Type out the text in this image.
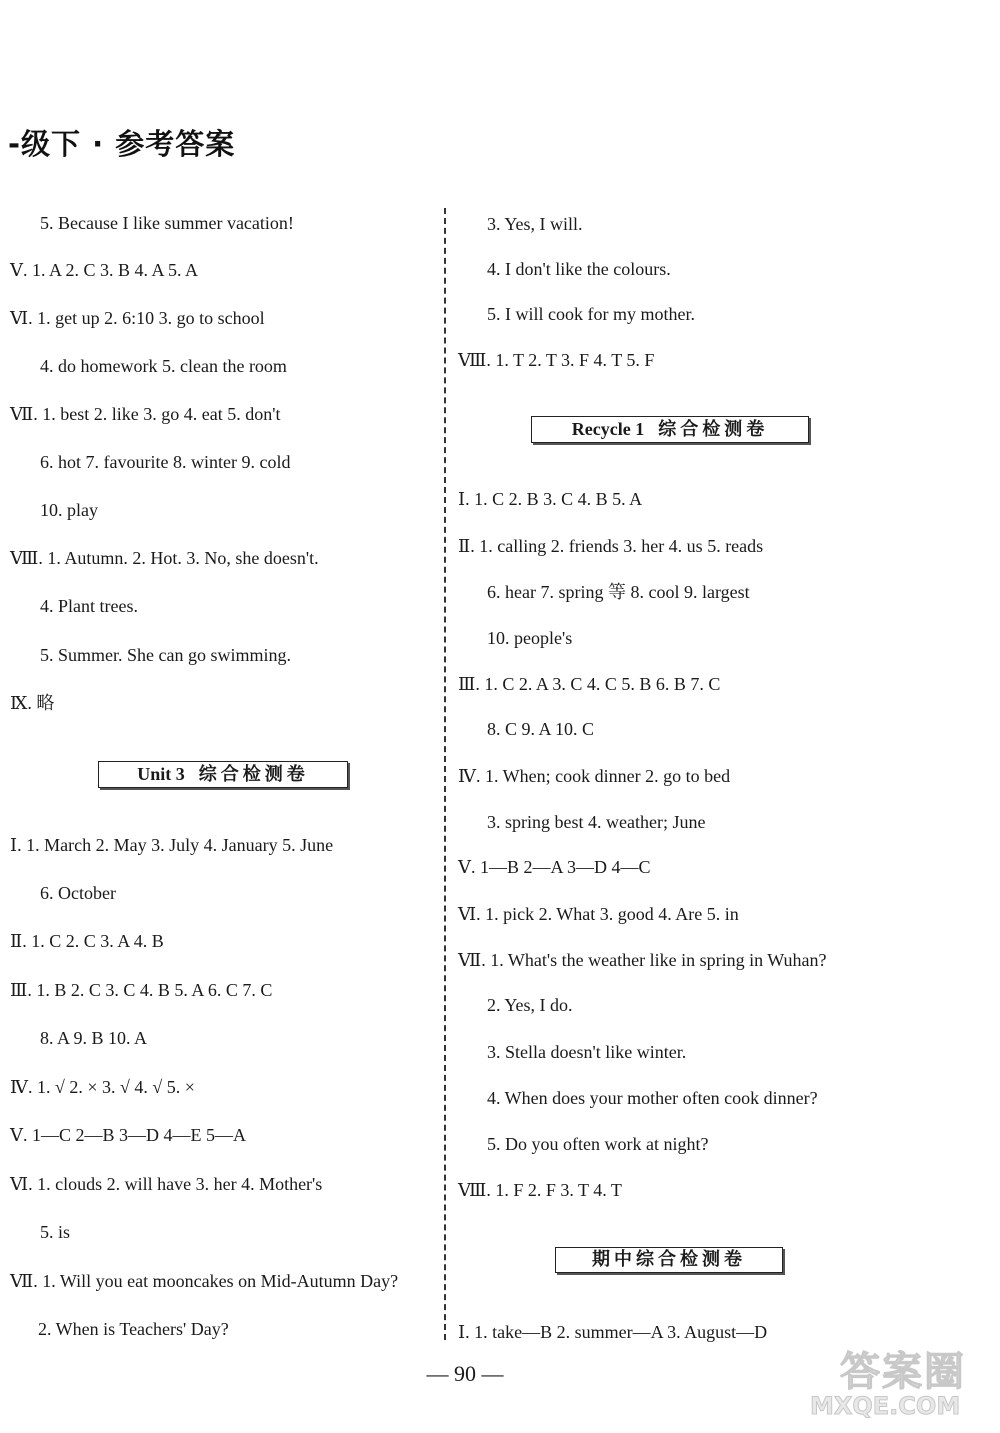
-级下 · 参考答案
5. Because I like summer vacation!
Ⅴ. 1. A 2. C 3. B 4. A 5. A
Ⅵ. 1. get up 2. 6:10 3. go to school
4. do homework 5. clean the room
Ⅶ. 1. best 2. like 3. go 4. eat 5. don't
6. hot 7. favourite 8. winter 9. cold
10. play
Ⅷ. 1. Autumn. 2. Hot. 3. No, she doesn't.
4. Plant trees.
5. Summer. She can go swimming.
Ⅸ. 略
Unit 3 综合检测卷
Ⅰ. 1. March 2. May 3. July 4. January 5. June
6. October
Ⅱ. 1. C 2. C 3. A 4. B
Ⅲ. 1. B 2. C 3. C 4. B 5. A 6. C 7. C
8. A 9. B 10. A
Ⅳ. 1. √ 2. × 3. √ 4. √ 5. ×
Ⅴ. 1—C 2—B 3—D 4—E 5—A
Ⅵ. 1. clouds 2. will have 3. her 4. Mother's
5. is
Ⅶ. 1. Will you eat mooncakes on Mid-Autumn Day?
2. When is Teachers' Day?
3. Yes, I will.
4. I don't like the colours.
5. I will cook for my mother.
Ⅷ. 1. T 2. T 3. F 4. T 5. F
Recycle 1 综合检测卷
Ⅰ. 1. C 2. B 3. C 4. B 5. A
Ⅱ. 1. calling 2. friends 3. her 4. us 5. reads
6. hear 7. spring 等 8. cool 9. largest
10. people's
Ⅲ. 1. C 2. A 3. C 4. C 5. B 6. B 7. C
8. C 9. A 10. C
Ⅳ. 1. When; cook dinner 2. go to bed
3. spring best 4. weather; June
Ⅴ. 1—B 2—A 3—D 4—C
Ⅵ. 1. pick 2. What 3. good 4. Are 5. in
Ⅶ. 1. What's the weather like in spring in Wuhan?
2. Yes, I do.
3. Stella doesn't like winter.
4. When does your mother often cook dinner?
5. Do you often work at night?
Ⅷ. 1. F 2. F 3. T 4. T
期中综合检测卷
Ⅰ. 1. take—B 2. summer—A 3. August—D
— 90 —	答案圈
MXQE.COM
